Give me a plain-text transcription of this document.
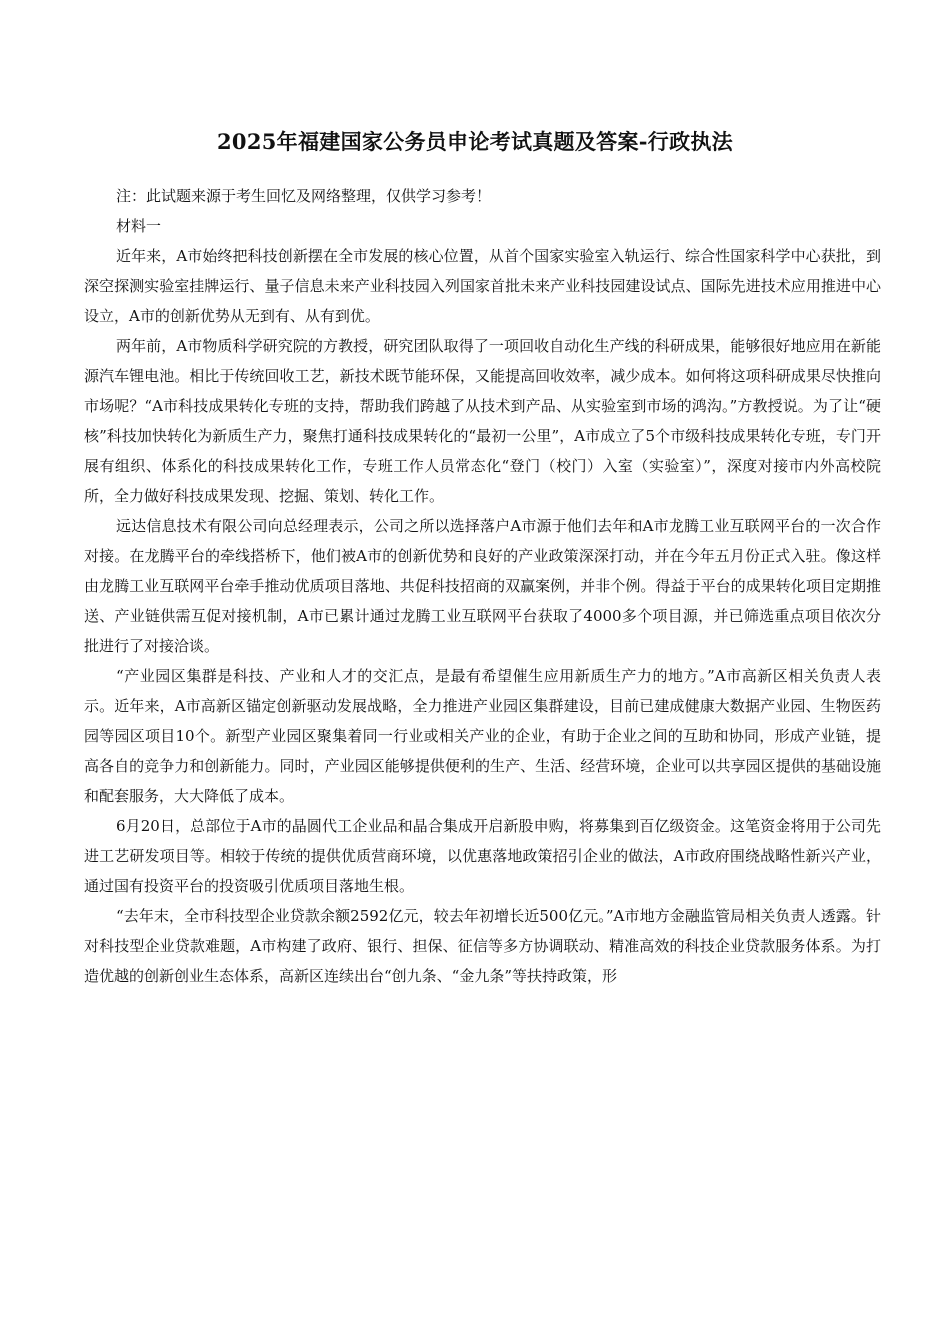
2025年福建国家公务员申论考试真题及答案-行政执法

注：此试题来源于考生回忆及网络整理，仅供学习参考！

材料一

近年来，A市始终把科技创新摆在全市发展的核心位置，从首个国家实验室入轨运行、综合性国家科学中心获批，到深空探测实验室挂牌运行、量子信息未来产业科技园入列国家首批未来产业科技园建设试点、国际先进技术应用推进中心设立，A市的创新优势从无到有、从有到优。

两年前，A市物质科学研究院的方教授，研究团队取得了一项回收自动化生产线的科研成果，能够很好地应用在新能源汽车锂电池。相比于传统回收工艺，新技术既节能环保，又能提高回收效率，减少成本。如何将这项科研成果尽快推向市场呢？“A市科技成果转化专班的支持，帮助我们跨越了从技术到产品、从实验室到市场的鸿沟。”方教授说。为了让“硬核”科技加快转化为新质生产力，聚焦打通科技成果转化的“最初一公里”，A市成立了5个市级科技成果转化专班，专门开展有组织、体系化的科技成果转化工作，专班工作人员常态化“登门（校门）入室（实验室）”，深度对接市内外高校院所，全力做好科技成果发现、挖掘、策划、转化工作。

远达信息技术有限公司向总经理表示，公司之所以选择落户A市源于他们去年和A市龙腾工业互联网平台的一次合作对接。在龙腾平台的牵线搭桥下，他们被A市的创新优势和良好的产业政策深深打动，并在今年五月份正式入驻。像这样由龙腾工业互联网平台牵手推动优质项目落地、共促科技招商的双赢案例，并非个例。得益于平台的成果转化项目定期推送、产业链供需互促对接机制，A市已累计通过龙腾工业互联网平台获取了4000多个项目源，并已筛选重点项目依次分批进行了对接洽谈。

“产业园区集群是科技、产业和人才的交汇点，是最有希望催生应用新质生产力的地方。”A市高新区相关负责人表示。近年来，A市高新区锚定创新驱动发展战略，全力推进产业园区集群建设，目前已建成健康大数据产业园、生物医药园等园区项目10个。新型产业园区聚集着同一行业或相关产业的企业，有助于企业之间的互助和协同，形成产业链，提高各自的竞争力和创新能力。同时，产业园区能够提供便利的生产、生活、经营环境，企业可以共享园区提供的基础设施和配套服务，大大降低了成本。

6月20日，总部位于A市的晶圆代工企业品和晶合集成开启新股申购，将募集到百亿级资金。这笔资金将用于公司先进工艺研发项目等。相较于传统的提供优质营商环境，以优惠落地政策招引企业的做法，A市政府围绕战略性新兴产业，通过国有投资平台的投资吸引优质项目落地生根。

“去年末，全市科技型企业贷款余额2592亿元，较去年初增长近500亿元。”A市地方金融监管局相关负责人透露。针对科技型企业贷款难题，A市构建了政府、银行、担保、征信等多方协调联动、精准高效的科技企业贷款服务体系。为打造优越的创新创业生态体系，高新区连续出台“创九条、“金九条”等扶持政策，形
